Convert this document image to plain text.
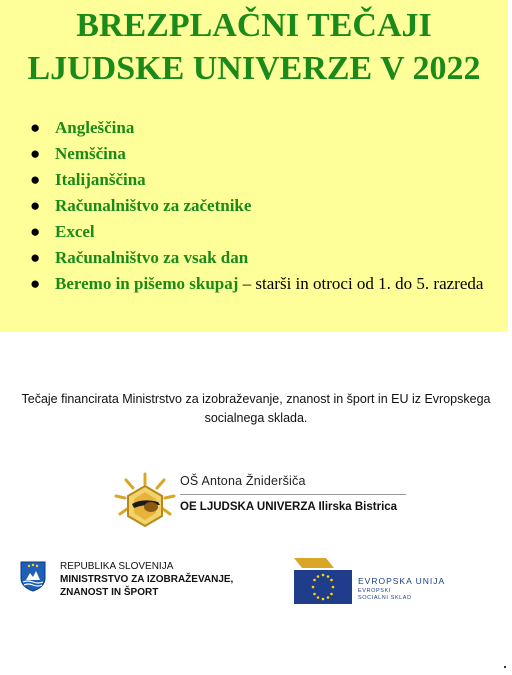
BREZPLAČNI TEČAJI
LJUDSKE UNIVERZE V 2022
● Angleščina
● Nemščina
● Italijanščina
● Računalništvo za začetnike
● Excel
● Računalništvo za vsak dan
● Beremo in pišemo skupaj – starši in otroci od 1. do 5. razreda
Tečaje financirata Ministrstvo za izobraževanje, znanost in šport in EU iz Evropskega socialnega sklada.
OŠ Antona Žnideršiča
OE LJUDSKA UNIVERZA Ilirska Bistrica
REPUBLIKA SLOVENIJA
MINISTRSTVO ZA IZOBRAŽEVANJE,
ZNANOST IN ŠPORT
EVROPSKA UNIJA
EVROPSKI
SOCIALNI SKLAD
